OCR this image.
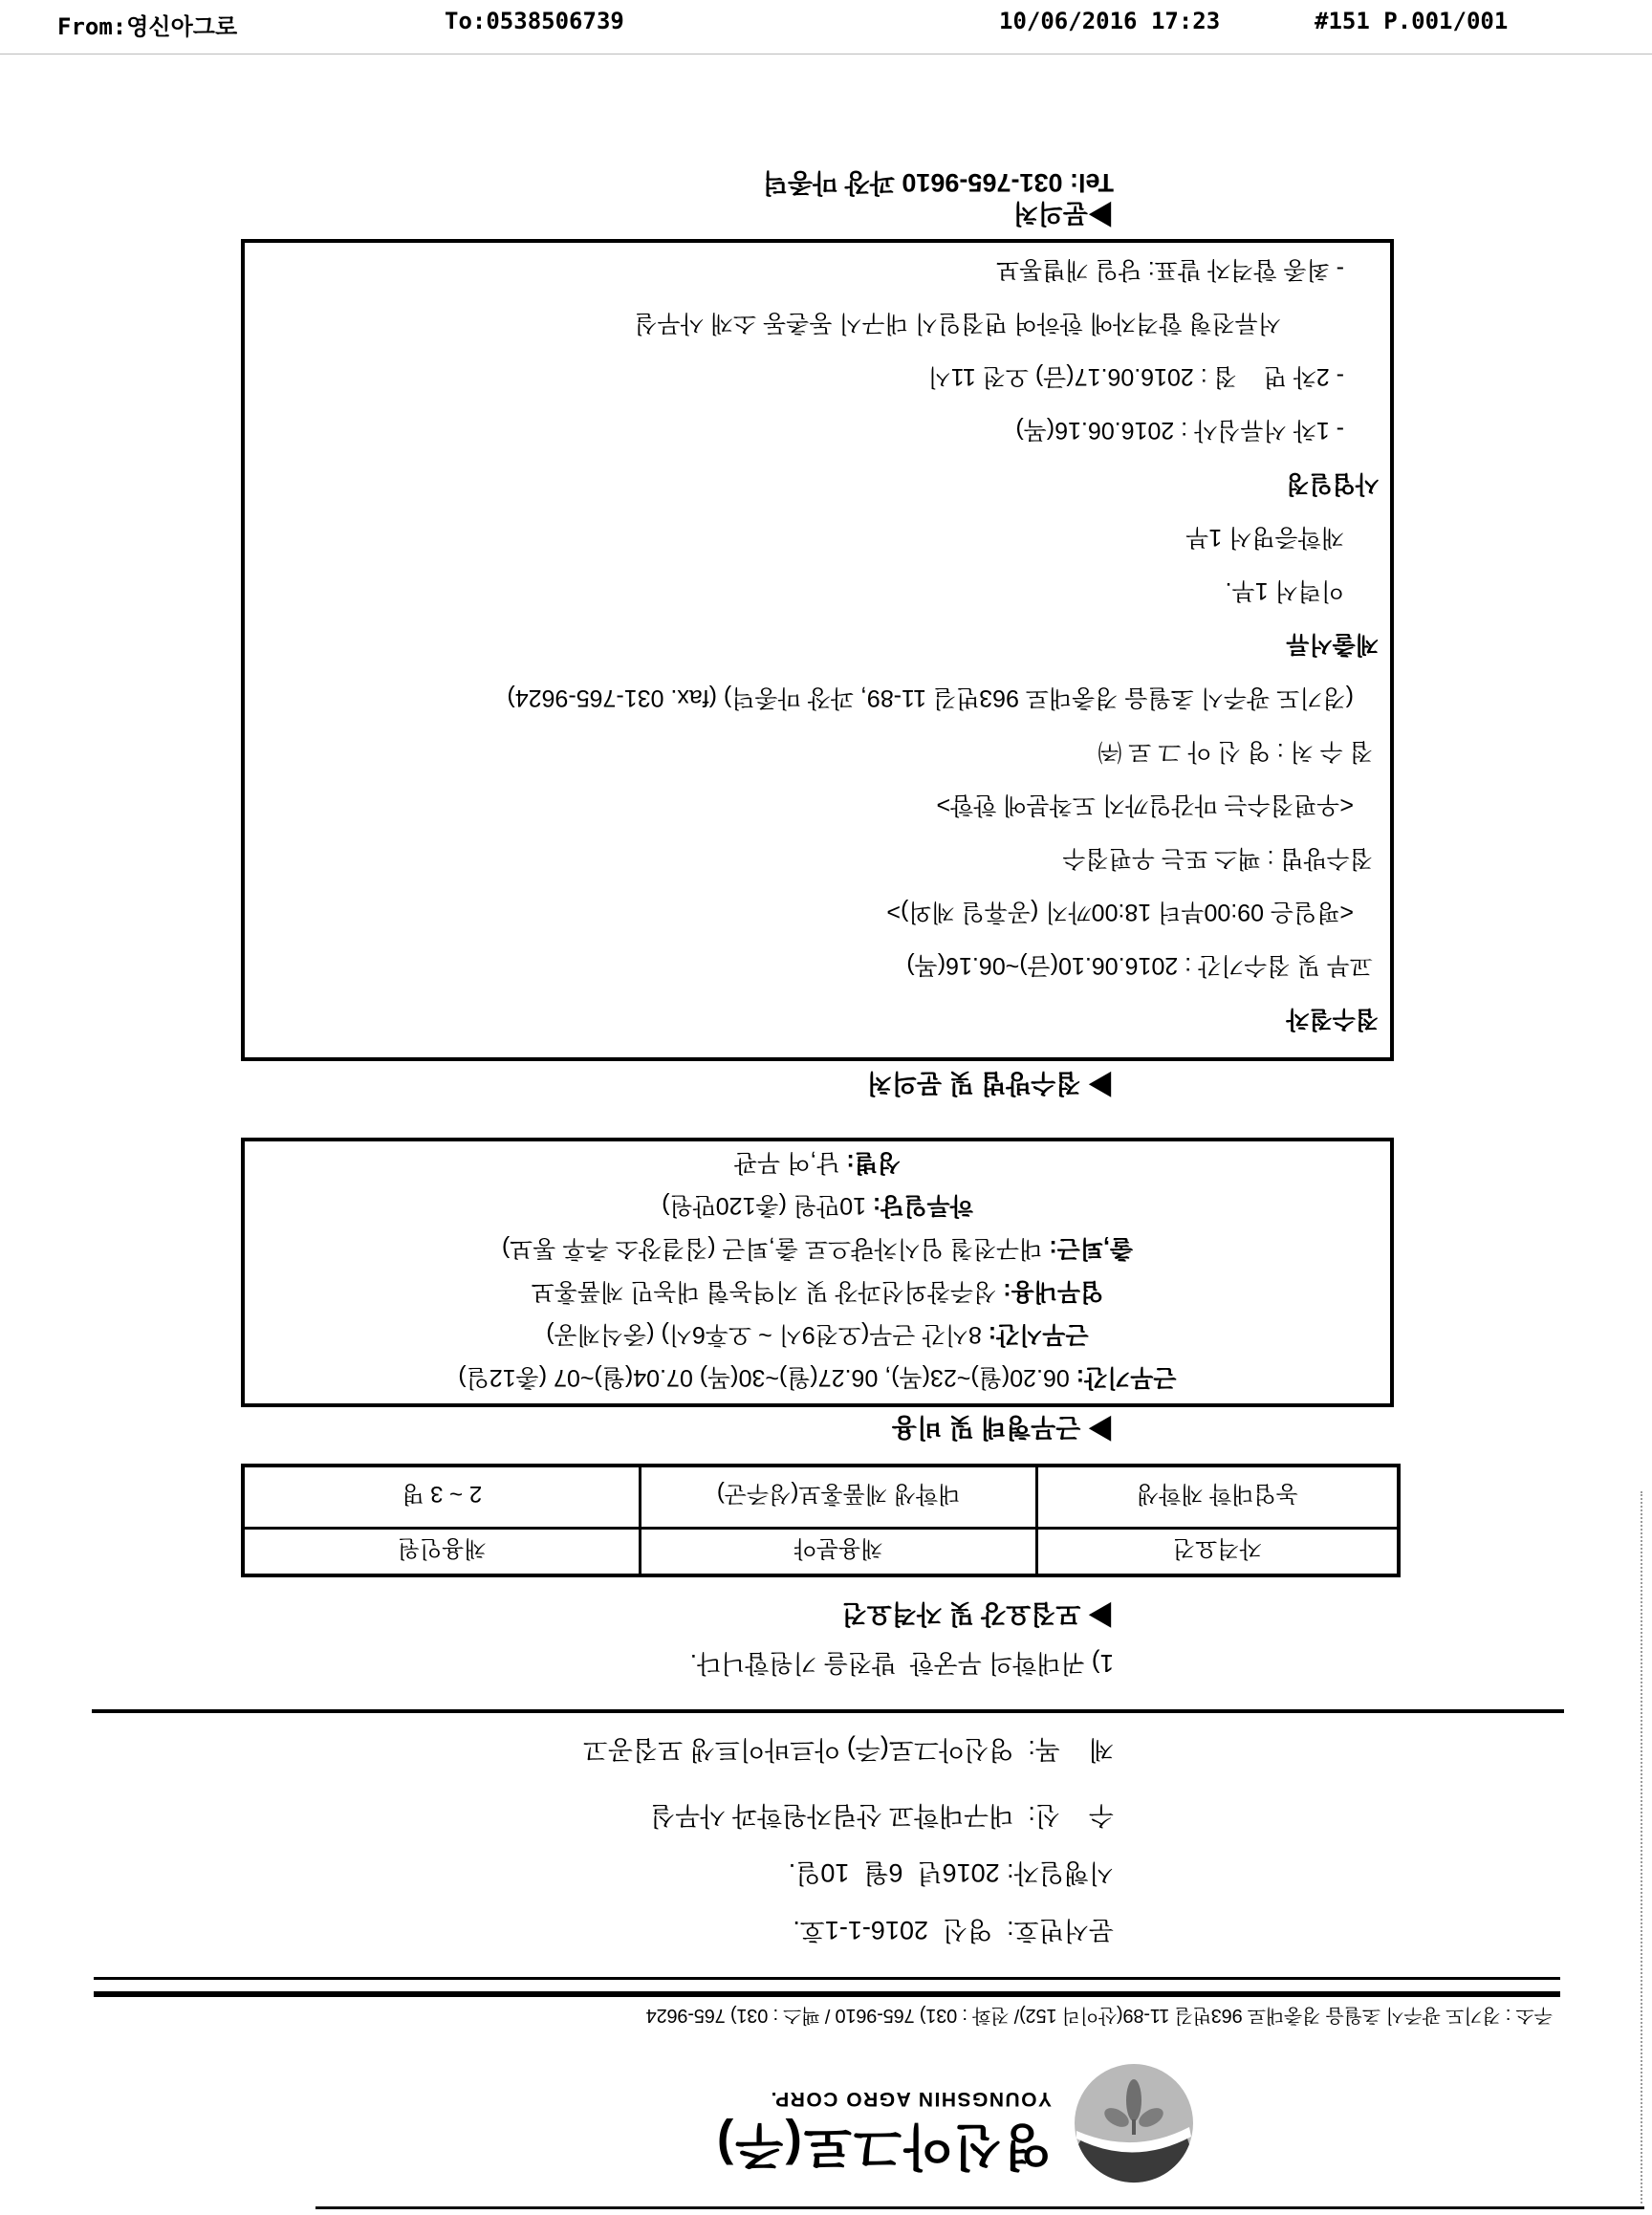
From:영신아그로	To:0538506739	10/06/2016 17:23	#151 P.001/001
영신아그로(주)
YOUNGSHIN AGRO CORP.
주소 : 경기도 광주시 초월읍 경충대로 963번길 11-89(산이리 152)/ 전화 : 031) 765-9610 / 팩스 : 031) 765-9624
문서번호:  영신  2016-1-1호.
시행일자: 2016년  6월  10일.
수    신:  대구대학교 산림자원학과 사무실
제    목:  영신아그로(주) 아르바이트생 모집공고
1) 귀대학의 무궁한  발전을 기원합니다.
▶ 모집요강 및 자격요건
자격요건	채용분야	채용인원
농업대학 재학생	대학생 제품홍보(성주군)	2 ~ 3 명
▶ 근무형태 및 비용
근무기간: 06.20(월)~23(목), 06.27(월)~30(목) 07.04(월)~07 (총12일)
근무시간: 8시간 근무(오전9시 ~ 오후6시) (중식제공)
업무내용: 성주참외선과장 및 지역농협 대농민 제품홍보
출,퇴근: 대구전철 임시차량으로 출,퇴근 (집결장소 추후 통보)
하루일당: 10만원 (총120만원)
성별: 남,여 무관
▶ 접수방법 및 문의처
접수절차
교부 및 접수기간 : 2016.06.10(금)~06.16(목)
<평일은 09:00부터 18:00까지 (공휴일 제외)>
접수방법 : 팩스 또는 우편접수
<우편접수는 마감일까지 도착분에 한함>
접 수 처 : 영 신 아 그 로 ㈜
(경기도 광주시 초월읍 경충대로 963번길 11-89, 과장 마종덕) (fax. 031-765-9624)
제출서류
이력서 1부.
재학증명서 1부
사업일정
- 1차 서류심사 : 2016.06.16(목)
- 2차 면    접 : 2016.06.17(금) 오전 11시
서류전형 합격자에 한하여 면접일시 대구시 동촌동 소재 사무실
- 최종 합격자 발표: 당일 개별통보
▶문의처
Tel: 031-765-9610 과장 마종덕
